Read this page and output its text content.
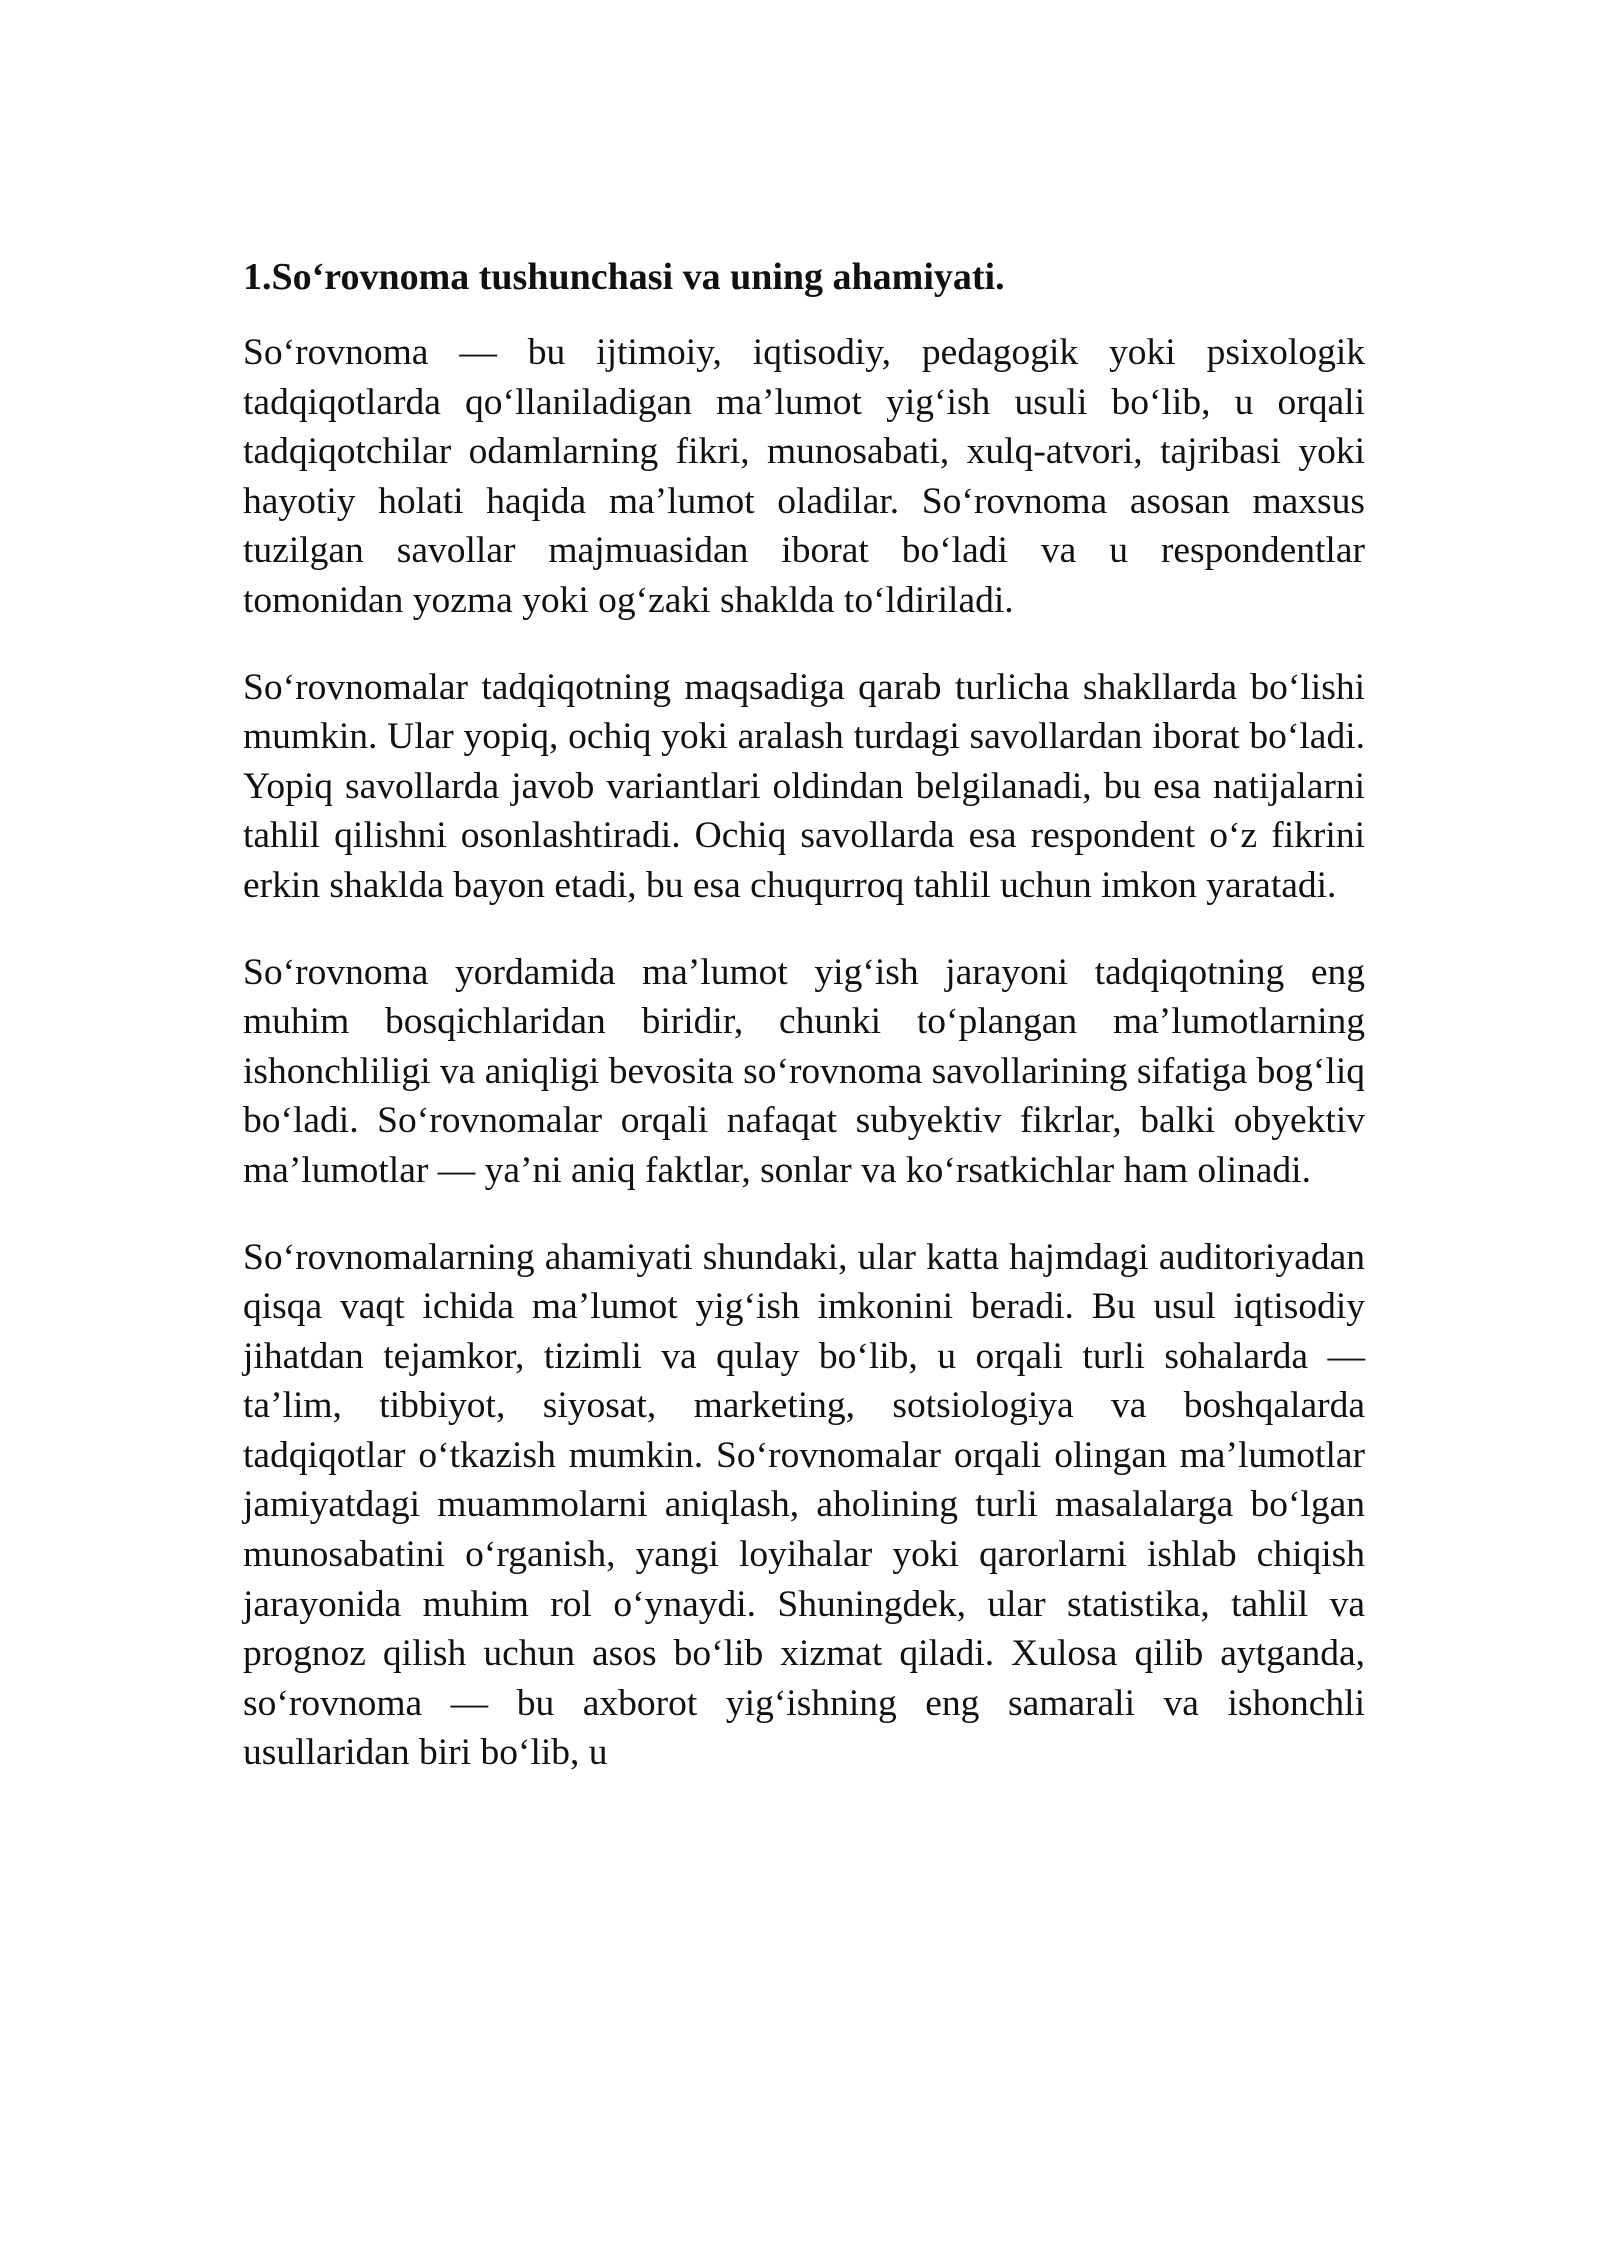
1.So‘rovnoma tushunchasi va uning ahamiyati.

So‘rovnoma — bu ijtimoiy, iqtisodiy, pedagogik yoki psixologik tadqiqotlarda qo‘llaniladigan ma’lumot yig‘ish usuli bo‘lib, u orqali tadqiqotchilar odamlarning fikri, munosabati, xulq-atvori, tajribasi yoki hayotiy holati haqida ma’lumot oladilar. So‘rovnoma asosan maxsus tuzilgan savollar majmuasidan iborat bo‘ladi va u respondentlar tomonidan yozma yoki og‘zaki shaklda to‘ldiriladi.

So‘rovnomalar tadqiqotning maqsadiga qarab turlicha shakllarda bo‘lishi mumkin. Ular yopiq, ochiq yoki aralash turdagi savollardan iborat bo‘ladi. Yopiq savollarda javob variantlari oldindan belgilanadi, bu esa natijalarni tahlil qilishni osonlashtiradi. Ochiq savollarda esa respondent o‘z fikrini erkin shaklda bayon etadi, bu esa chuqurroq tahlil uchun imkon yaratadi.

So‘rovnoma yordamida ma’lumot yig‘ish jarayoni tadqiqotning eng muhim bosqichlaridan biridir, chunki to‘plangan ma’lumotlarning ishonchliligi va aniqligi bevosita so‘rovnoma savollarining sifatiga bog‘liq bo‘ladi. So‘rovnomalar orqali nafaqat subyektiv fikrlar, balki obyektiv ma’lumotlar — ya’ni aniq faktlar, sonlar va ko‘rsatkichlar ham olinadi.

So‘rovnomalarning ahamiyati shundaki, ular katta hajmdagi auditoriyadan qisqa vaqt ichida ma’lumot yig‘ish imkonini beradi. Bu usul iqtisodiy jihatdan tejamkor, tizimli va qulay bo‘lib, u orqali turli sohalarda — ta’lim, tibbiyot, siyosat, marketing, sotsiologiya va boshqalarda tadqiqotlar o‘tkazish mumkin. So‘rovnomalar orqali olingan ma’lumotlar jamiyatdagi muammolarni aniqlash, aholining turli masalalarga bo‘lgan munosabatini o‘rganish, yangi loyihalar yoki qarorlarni ishlab chiqish jarayonida muhim rol o‘ynaydi. Shuningdek, ular statistika, tahlil va prognoz qilish uchun asos bo‘lib xizmat qiladi. Xulosa qilib aytganda, so‘rovnoma — bu axborot yig‘ishning eng samarali va ishonchli usullaridan biri bo‘lib, u
